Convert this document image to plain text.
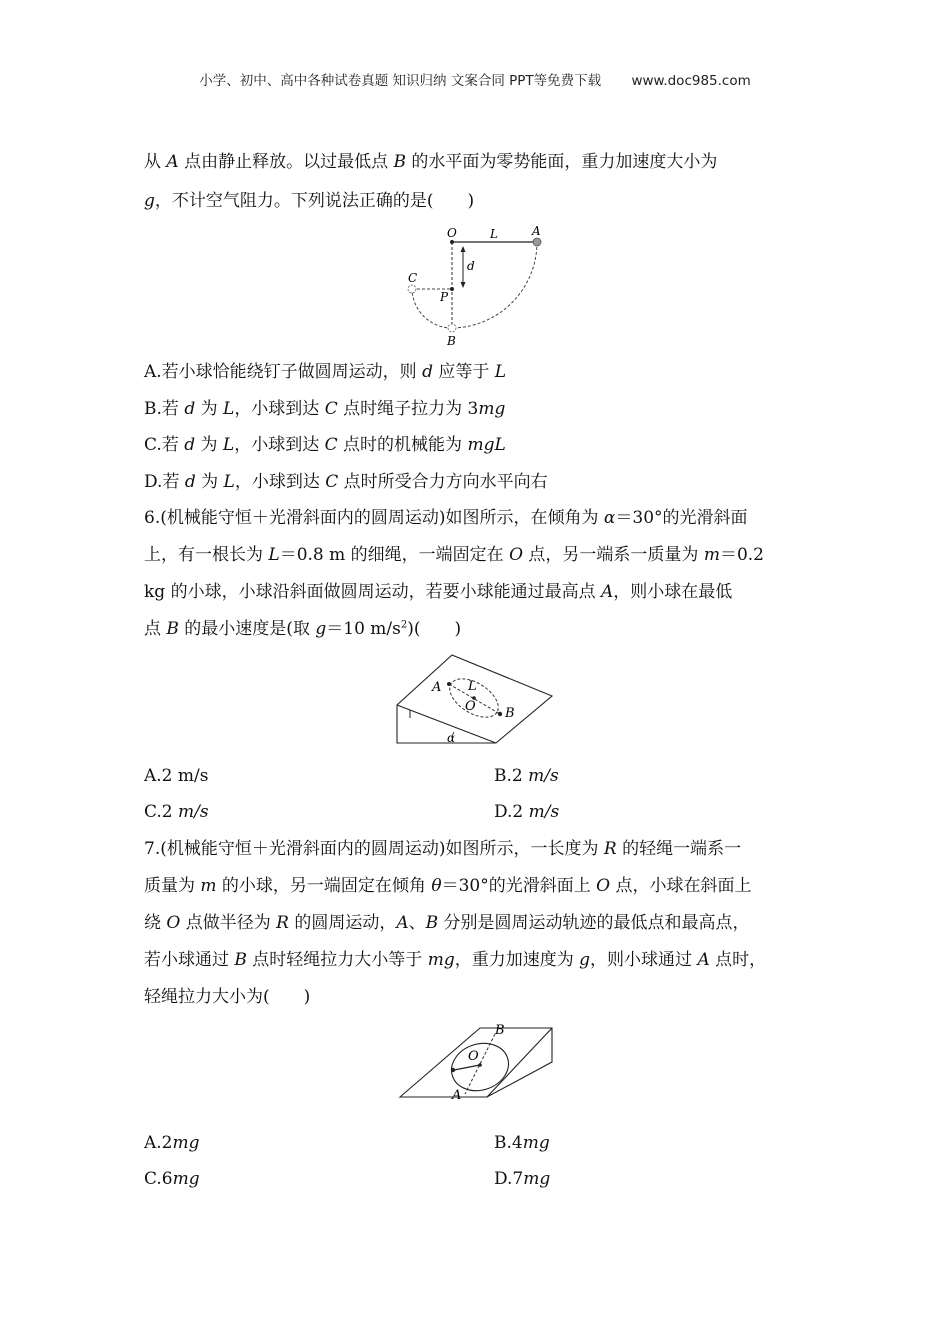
小学、初中、高中各种试卷真题 知识归纳 文案合同 PPT等免费下载 www.doc985.com
从 A 点由静止释放。以过最低点 B 的水平面为零势能面，重力加速度大小为
g，不计空气阻力。下列说法正确的是(　　)
O	L	A
d
C
P
B
A.若小球恰能绕钉子做圆周运动，则 d 应等于 L
B.若 d 为 L，小球到达 C 点时绳子拉力为 3mg
C.若 d 为 L，小球到达 C 点时的机械能为 mgL
D.若 d 为 L，小球到达 C 点时所受合力方向水平向右
6.(机械能守恒＋光滑斜面内的圆周运动)如图所示，在倾角为 α＝30°的光滑斜面
上，有一根长为 L＝0.8 m 的细绳，一端固定在 O 点，另一端系一质量为 m＝0.2
kg 的小球，小球沿斜面做圆周运动，若要小球能通过最高点 A，则小球在最低
点 B 的最小速度是(取 g＝10 $m/s^2$)(　　)
A L
O B
α
A.2 m/s	B.2 m/s
C.2 m/s	D.2 m/s
7.(机械能守恒＋光滑斜面内的圆周运动)如图所示，一长度为 R 的轻绳一端系一
质量为 m 的小球，另一端固定在倾角 θ＝30°的光滑斜面上 O 点，小球在斜面上
绕 O 点做半径为 R 的圆周运动，A、B 分别是圆周运动轨迹的最低点和最高点，
若小球通过 B 点时轻绳拉力大小等于 mg，重力加速度为 g，则小球通过 A 点时，
轻绳拉力大小为(　　)
B
O
A
A.2mg	B.4mg
C.6mg	D.7mg
